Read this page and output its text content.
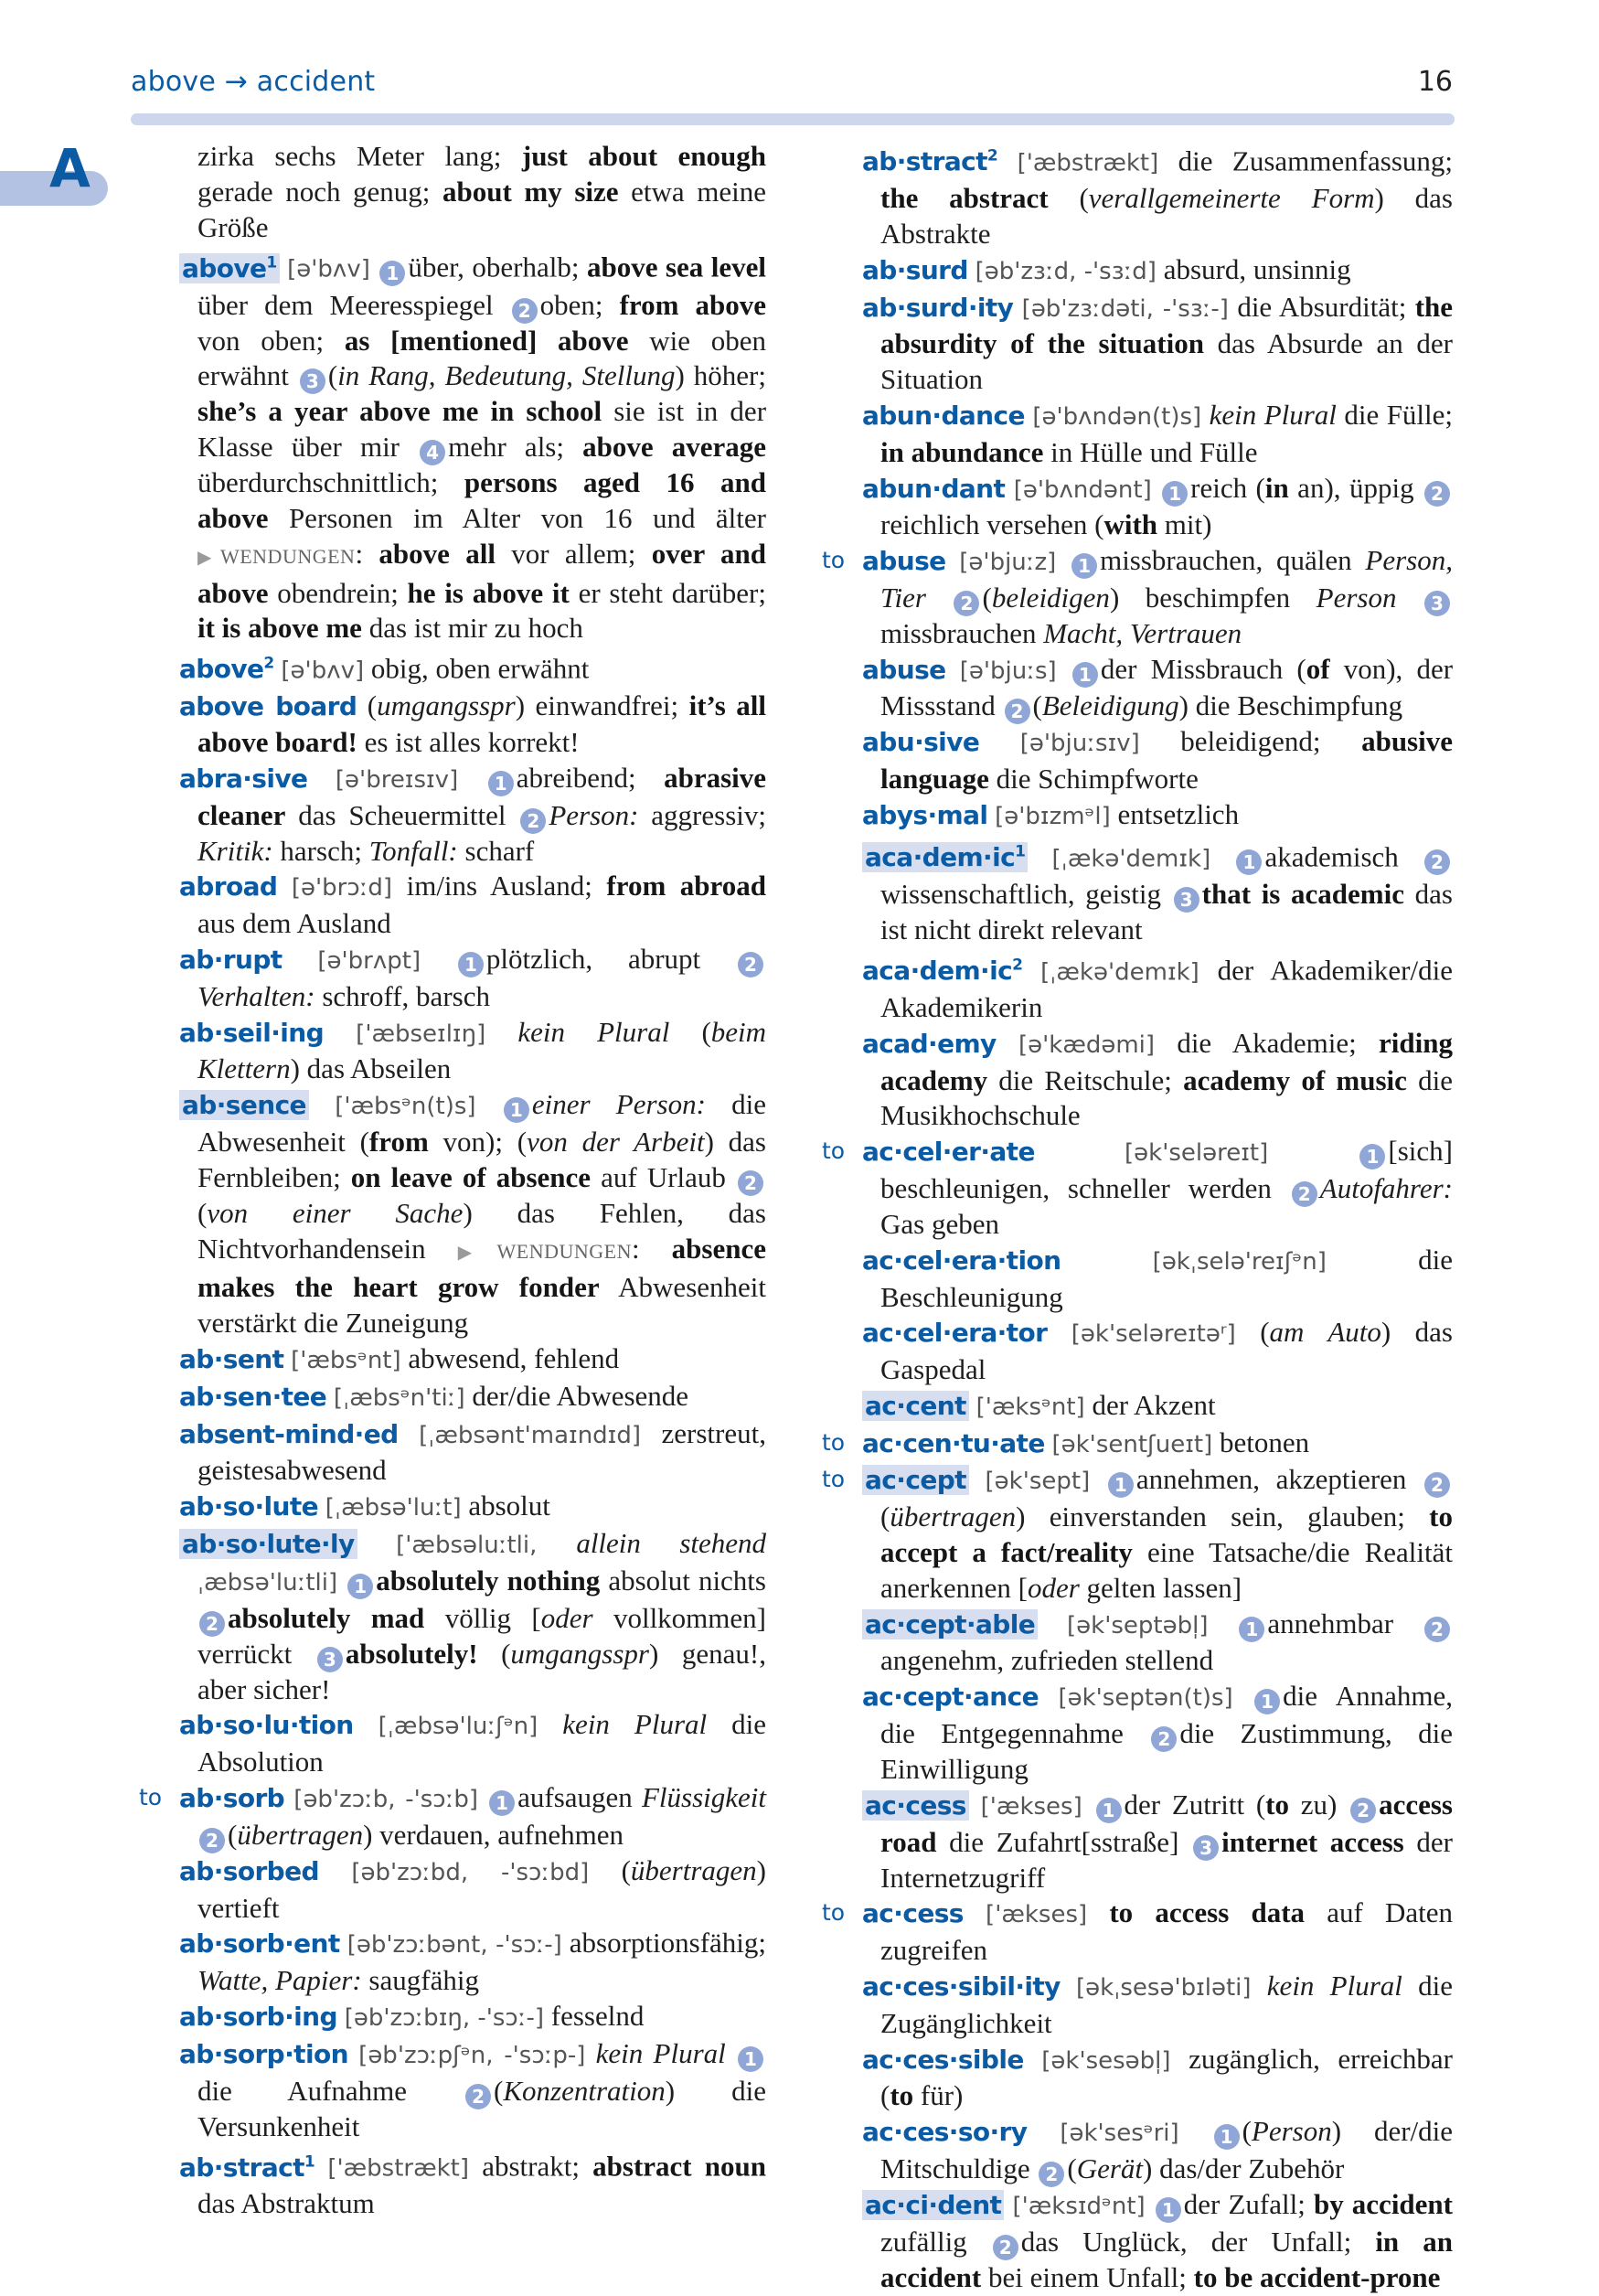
above → accident	16
A	zirka sechs Meter lang; just about enough gerade noch genug; about my size etwa meine Größe

above$^1$ [ə'bʌv] 1 über, oberhalb; above sea level über dem Meeresspiegel 2 oben; from above von oben; as [mentioned] above wie oben erwähnt 3 (in Rang, Bedeutung, Stellung) höher; she’s a year above me in school sie ist in der Klasse über mir 4 mehr als; above average überdurchschnittlich; persons aged 16 and above Personen im Alter von 16 und älter ▶WENDUNGEN: above all vor allem; over and above obendrein; he is above it er steht darüber; it is above me das ist mir zu hoch

above$^2$ [ə'bʌv] obig, oben erwähnt

above board (umgangsspr) einwandfrei; it’s all above board! es ist alles korrekt!

abra·sive [ə'breɪsɪv] 1 abreibend; abrasive cleaner das Scheuermittel 2 Person: aggressiv; Kritik: harsch; Tonfall: scharf

abroad [ə'brɔːd] im/ins Ausland; from abroad aus dem Ausland

ab·rupt [ə'brʌpt] 1 plötzlich, abrupt 2Verhalten: schroff, barsch

ab·seil·ing ['æbseɪlɪŋ] kein Plural (beim Klettern) das Abseilen

ab·sence ['æbsᵊn(t)s] 1 einer Person: die Abwesenheit (from von); (von der Arbeit) das Fernbleiben; on leave of absence auf Urlaub 2(von einer Sache) das Fehlen, das Nichtvorhandensein ▶WENDUNGEN: absence makes the heart grow fonder Abwesenheit verstärkt die Zuneigung

ab·sent ['æbsᵊnt] abwesend, fehlend

ab·sen·tee [ˌæbsᵊn'tiː] der/die Abwesende

absent-mind·ed [ˌæbsənt'maɪndɪd] zerstreut, geistesabwesend

ab·so·lute [ˌæbsə'luːt] absolut

ab·so·lute·ly ['æbsəluːtli, allein stehend ˌæbsə'luːtli] 1 absolutely nothing absolut nichts 2 absolutely mad völlig [oder vollkommen] verrückt 3 absolutely! (umgangsspr) genau!, aber sicher!

ab·so·lu·tion [ˌæbsə'luːʃᵊn] kein Plural die Absolution

to ab·sorb [əb'zɔːb, -'sɔːb] 1 aufsaugen Flüssigkeit 2 (übertragen) verdauen, aufnehmen

ab·sorbed [əb'zɔːbd, -'sɔːbd] (übertragen) vertieft

ab·sorb·ent [əb'zɔːbənt, -'sɔː-] absorptionsfähig; Watte, Papier: saugfähig

ab·sorb·ing [əb'zɔːbɪŋ, -'sɔː-] fesselnd

ab·sorp·tion [əb'zɔːpʃᵊn, -'sɔːp-] kein Plural 1die Aufnahme 2 (Konzentration) die Versunkenheit

ab·stract$^1$ ['æbstrækt] abstrakt; abstract noun das Abstraktum

ab·stract$^2$ ['æbstrækt] die Zusammenfassung; the abstract (verallgemeinerte Form) das Abstrakte

ab·surd [əb'zɜːd, -'sɜːd] absurd, unsinnig

ab·surd·ity [əb'zɜːdəti, -'sɜː-] die Absurdität; the absurdity of the situation das Absurde an der Situation

abun·dance [ə'bʌndən(t)s] kein Plural die Fülle; in abundance in Hülle und Fülle

abun·dant [ə'bʌndənt] 1 reich (in an), üppig 2reichlich versehen (with mit)

to abuse [ə'bjuːz] 1 missbrauchen, quälen Person, Tier 2 (beleidigen) beschimpfen Person 3missbrauchen Macht, Vertrauen

abuse [ə'bjuːs] 1 der Missbrauch (of von), der Missstand 2 (Beleidigung) die Beschimpfung

abu·sive [ə'bjuːsɪv] beleidigend; abusive language die Schimpfworte

abys·mal [ə'bɪzmᵊl] entsetzlich

$aca\cdot dem\cdot ic^1$ [ˌækə'demɪk] 1 akademisch 2wissenschaftlich, geistig 3 that is academic das ist nicht direkt relevant

$aca\cdot dem\cdot ic^2$ [ˌækə'demɪk] der Akademiker/die Akademikerin

acad·emy [ə'kædəmi] die Akademie; riding academy die Reitschule; academy of music die Musikhochschule

to ac·cel·er·ate	[ək'seləreɪt]	1 [sich] beschleunigen, schneller werden 2 Autofahrer: Gas geben

ac·cel·era·tion	[əkˌselə'reɪʃᵊn] die Beschleunigung

ac·cel·era·tor [ək'seləreɪtəʳ] (am Auto) das Gaspedal

ac·cent ['æksᵊnt] der Akzent

to ac·cen·tu·ate [ək'sentʃueɪt] betonen

to ac·cept [ək'sept] 1 annehmen, akzeptieren 2(übertragen) einverstanden sein, glauben; to accept a fact/reality eine Tatsache/die Realität anerkennen [oder gelten lassen]

ac·cept·able [ək'septəbl̩] 1 annehmbar 2angenehm, zufrieden stellend

ac·cept·ance [ək'septən(t)s] 1 die Annahme, die Entgegennahme 2 die Zustimmung, die Einwilligung

ac·cess ['ækses] 1 der Zutritt (to zu) 2 access road die Zufahrt[sstraße] 3 internet access der Internetzugriff

to ac·cess ['ækses] to access data auf Daten zugreifen

ac·ces·sibil·ity [əkˌsesə'bɪləti] kein Plural die Zugänglichkeit

ac·ces·sible [ək'sesəbl̩] zugänglich, erreichbar (to für)

ac·ces·so·ry [ək'sesᵊri] 1 (Person) der/die Mitschuldige 2 (Gerät) das/der Zubehör

ac·ci·dent ['æksɪdᵊnt] 1 der Zufall; by accident zufällig 2 das Unglück, der Unfall; in an accident bei einem Unfall; to be accident-prone
